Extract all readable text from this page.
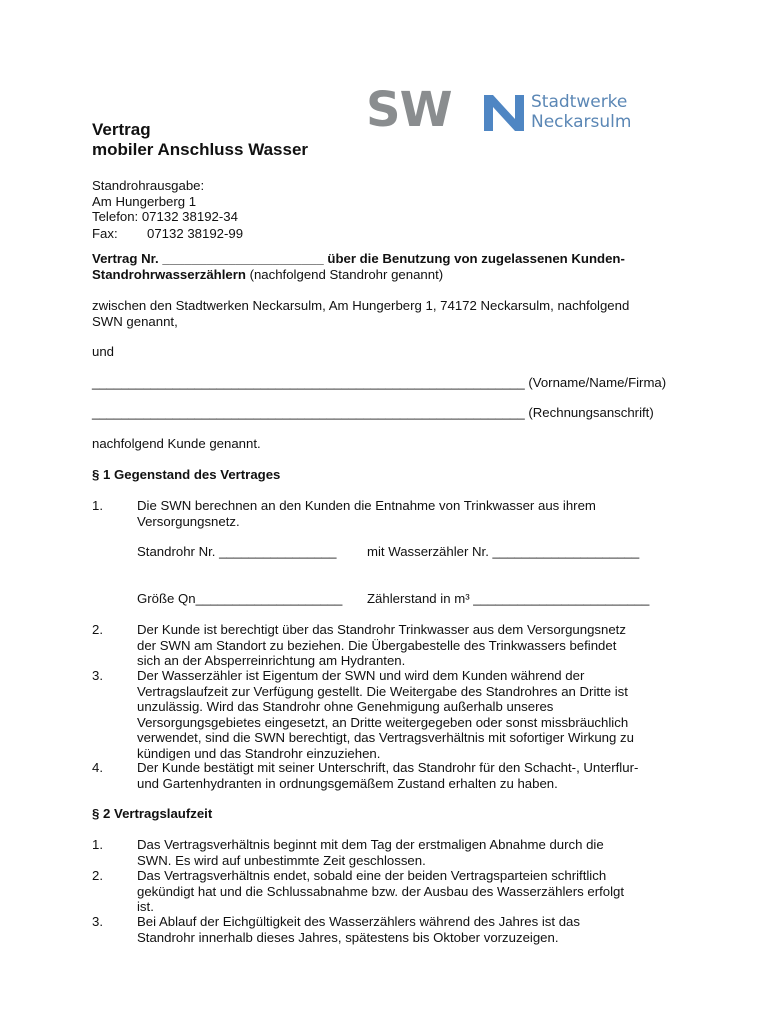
SW	Stadtwerke
Neckarsulm
Vertrag
mobiler Anschluss Wasser
Standrohrausgabe:
Am Hungerberg 1
Telefon: 07132 38192-34
Fax: 07132 38192-99
Vertrag Nr. ______________________ über die Benutzung von zugelassenen Kunden-
Standrohrwasserzählern (nachfolgend Standrohr genannt)
zwischen den Stadtwerken Neckarsulm, Am Hungerberg 1, 74172 Neckarsulm, nachfolgend
SWN genannt,
und
___________________________________________________________ (Vorname/Name/Firma)
___________________________________________________________ (Rechnungsanschrift)
nachfolgend Kunde genannt.
§ 1 Gegenstand des Vertrages
1.	Die SWN berechnen an den Kunden die Entnahme von Trinkwasser aus ihrem
Versorgungsnetz.
Standrohr Nr. ________________ mit Wasserzähler Nr. ____________________
Größe Qn____________________ Zählerstand in m³ ________________________
2.	Der Kunde ist berechtigt über das Standrohr Trinkwasser aus dem Versorgungsnetz
der SWN am Standort zu beziehen. Die Übergabestelle des Trinkwassers befindet
sich an der Absperreinrichtung am Hydranten.
3.	Der Wasserzähler ist Eigentum der SWN und wird dem Kunden während der
Vertragslaufzeit zur Verfügung gestellt. Die Weitergabe des Standrohres an Dritte ist
unzulässig. Wird das Standrohr ohne Genehmigung außerhalb unseres
Versorgungsgebietes eingesetzt, an Dritte weitergegeben oder sonst missbräuchlich
verwendet, sind die SWN berechtigt, das Vertragsverhältnis mit sofortiger Wirkung zu
kündigen und das Standrohr einzuziehen.
4.	Der Kunde bestätigt mit seiner Unterschrift, das Standrohr für den Schacht-, Unterflur-
und Gartenhydranten in ordnungsgemäßem Zustand erhalten zu haben.
§ 2 Vertragslaufzeit
1.	Das Vertragsverhältnis beginnt mit dem Tag der erstmaligen Abnahme durch die
SWN. Es wird auf unbestimmte Zeit geschlossen.
2.	Das Vertragsverhältnis endet, sobald eine der beiden Vertragsparteien schriftlich
gekündigt hat und die Schlussabnahme bzw. der Ausbau des Wasserzählers erfolgt
ist.
3.	Bei Ablauf der Eichgültigkeit des Wasserzählers während des Jahres ist das
Standrohr innerhalb dieses Jahres, spätestens bis Oktober vorzuzeigen.
